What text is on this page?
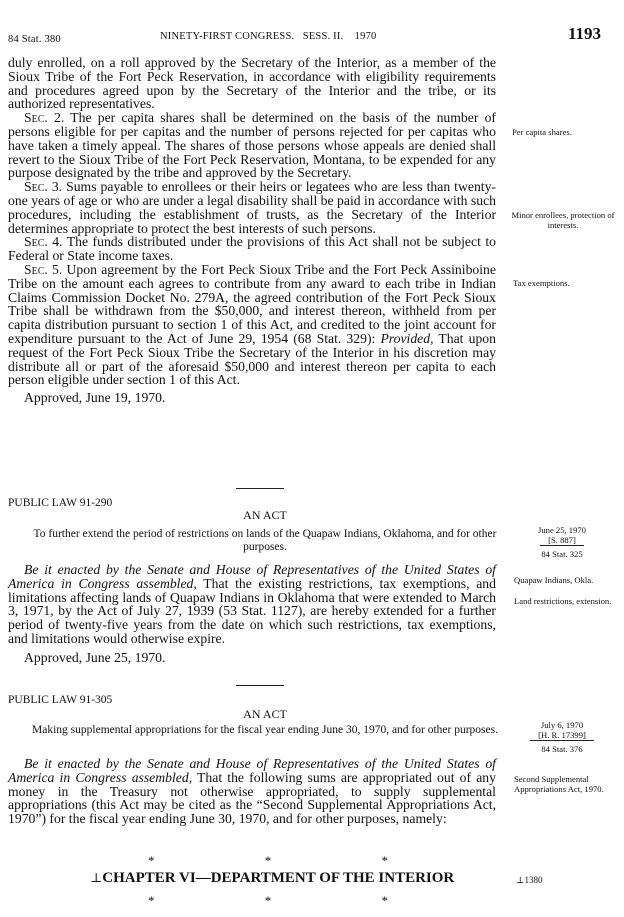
84 Stat. 380	NINETY-FIRST CONGRESS.   SESS. II.    1970	1193

duly enrolled, on a roll approved by the Secretary of the Interior, as a member of the Sioux Tribe of the Fort Peck Reservation, in accordance with eligibility requirements and procedures agreed upon by the Secretary of the Interior and the tribe, or its authorized representatives.

Sec. 2. The per capita shares shall be determined on the basis of the number of persons eligible for per capitas and the number of persons rejected for per capitas who have taken a timely appeal. The shares of those persons whose appeals are denied shall revert to the Sioux Tribe of the Fort Peck Reservation, Montana, to be expended for any purpose designated by the tribe and approved by the Secretary.

Sec. 3. Sums payable to enrollees or their heirs or legatees who are less than twenty-one years of age or who are under a legal disability shall be paid in accordance with such procedures, including the establishment of trusts, as the Secretary of the Interior determines appropriate to protect the best interests of such persons.

Sec. 4. The funds distributed under the provisions of this Act shall not be subject to Federal or State income taxes.

Sec. 5. Upon agreement by the Fort Peck Sioux Tribe and the Fort Peck Assiniboine Tribe on the amount each agrees to contribute from any award to each tribe in Indian Claims Commission Docket No. 279A, the agreed contribution of the Fort Peck Sioux Tribe shall be withdrawn from the $50,000, and interest thereon, withheld from per capita distribution pursuant to section 1 of this Act, and credited to the joint account for expenditure pursuant to the Act of June 29, 1954 (68 Stat. 329): Provided, That upon request of the Fort Peck Sioux Tribe the Secretary of the Interior in his discretion may distribute all or part of the aforesaid $50,000 and interest thereon per capita to each person eligible under section 1 of this Act.

Approved, June 19, 1970.

Per capita shares.
Minor enrollees, protection of interests.
Tax exemptions.
PUBLIC LAW 91-290
AN ACT
To further extend the period of restrictions on lands of the Quapaw Indians, Oklahoma, and for other purposes.
June 25, 1970
[S. 887]
84 Stat. 325
Quapaw Indians, Okla.
Land restrictions, extension.

Be it enacted by the Senate and House of Representatives of the United States of America in Congress assembled, That the existing restrictions, tax exemptions, and limitations affecting lands of Quapaw Indians in Oklahoma that were extended to March 3, 1971, by the Act of July 27, 1939 (53 Stat. 1127), are hereby extended for a further period of twenty-five years from the date on which such restrictions, tax exemptions, and limitations would otherwise expire.

Approved, June 25, 1970.

PUBLIC LAW 91-305
AN ACT
Making supplemental appropriations for the fiscal year ending June 30, 1970, and for other purposes.	July 6, 1970
[H. R. 17399]
84 Stat. 376
Second Supplemental Appropriations Act, 1970.

Be it enacted by the Senate and House of Representatives of the United States of America in Congress assembled, That the following sums are appropriated out of any money in the Treasury not otherwise appropriated, to supply supplemental appropriations (this Act may be cited as the “Second Supplemental Appropriations Act, 1970”) for the fiscal year ending June 30, 1970, and for other purposes, namely:

*	*	*
⊥CHAPTER VI—DEPARTMENT OF THE INTERIOR	⊥1380
*	*	*
